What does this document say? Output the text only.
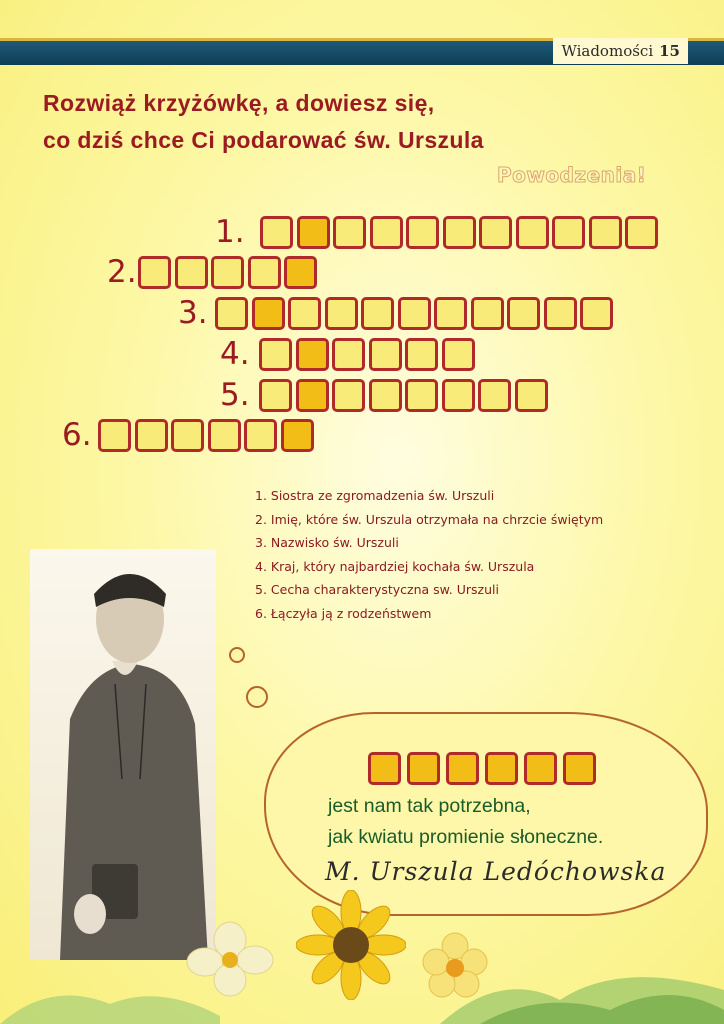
Wiadomości 15
Rozwiąż krzyżówkę, a dowiesz się,
co dziś chce Ci podarować św. Urszula
Powodzenia!
1.
2.
3.
4.
5.
6.
1. Siostra ze zgromadzenia św. Urszuli
2. Imię, które św. Urszula otrzymała na chrzcie świętym
3. Nazwisko św. Urszuli
4. Kraj, który najbardziej kochała św. Urszula
5. Cecha charakterystyczna sw. Urszuli
6. Łączyła ją z rodzeństwem
jest nam tak potrzebna,
jak kwiatu promienie słoneczne.
M. Urszula Ledóchowska
